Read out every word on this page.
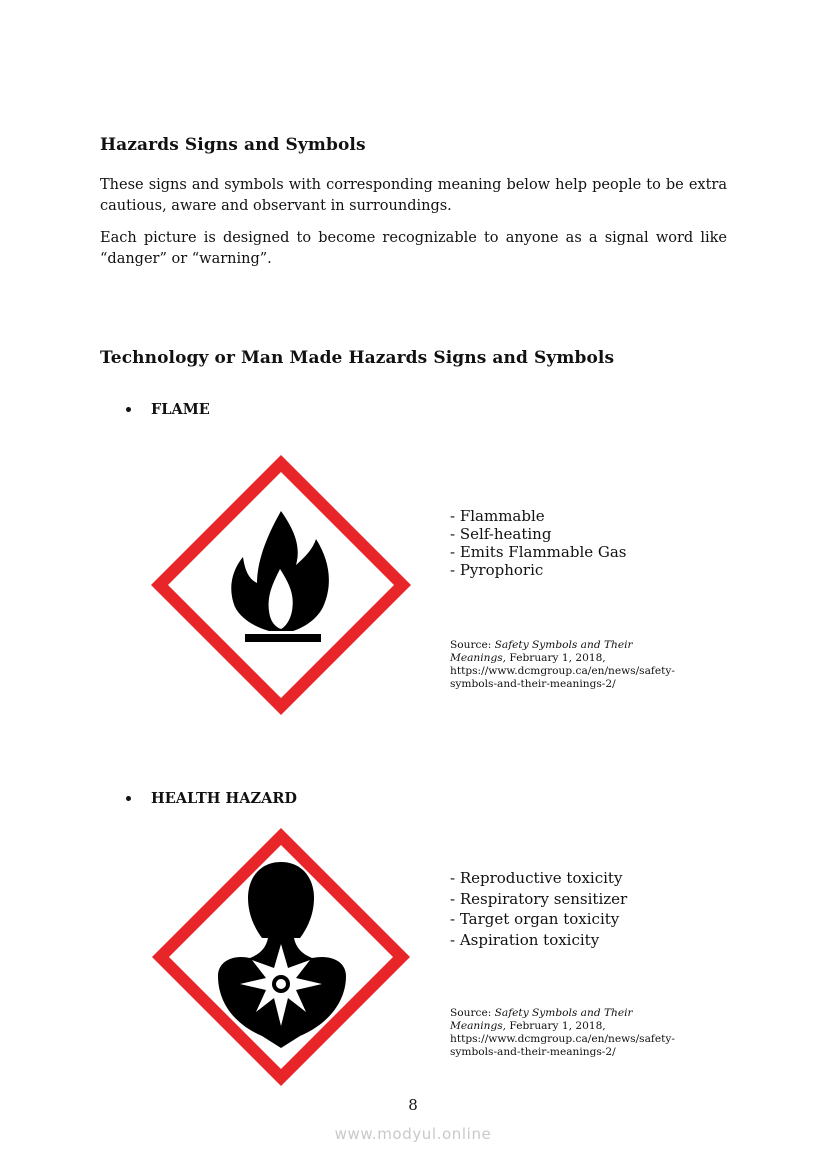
Hazards Signs and Symbols
These signs and symbols with corresponding meaning below help people to be extra cautious, aware and observant in surroundings.
Each picture is designed to become recognizable to anyone as a signal word like “danger” or “warning”.
Technology or Man Made Hazards Signs and Symbols
FLAME
- Flammable
- Self-heating
- Emits Flammable Gas
- Pyrophoric
Source: Safety Symbols and Their Meanings, February 1, 2018,
https://www.dcmgroup.ca/en/news/safety-symbols-and-their-meanings-2/
HEALTH HAZARD
- Reproductive toxicity
- Respiratory sensitizer
- Target organ toxicity
- Aspiration toxicity
Source: Safety Symbols and Their Meanings, February 1, 2018,
https://www.dcmgroup.ca/en/news/safety-symbols-and-their-meanings-2/
8
www.modyul.online
